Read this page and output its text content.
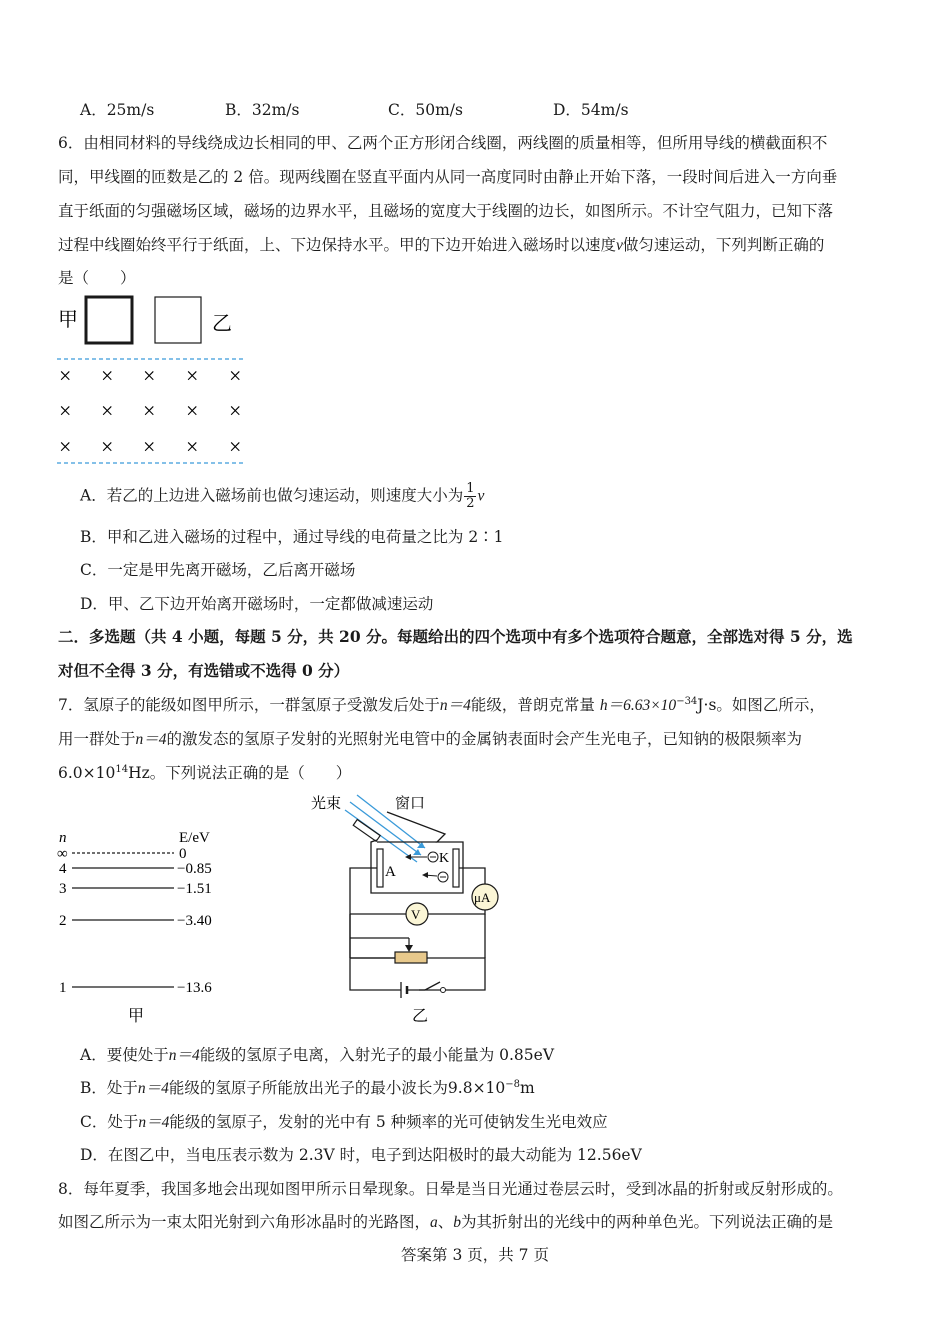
A．25m/s	B．32m/s	C．50m/s	D．54m/s
6．由相同材料的导线绕成边长相同的甲、乙两个正方形闭合线圈，两线圈的质量相等，但所用导线的横截面积不
同，甲线圈的匝数是乙的 2 倍。现两线圈在竖直平面内从同一高度同时由静止开始下落，一段时间后进入一方向垂
直于纸面的匀强磁场区域，磁场的边界水平，且磁场的宽度大于线圈的边长，如图所示。不计空气阻力，已知下落
过程中线圈始终平行于纸面，上、下边保持水平。甲的下边开始进入磁场时以速度v做匀速运动，下列判断正确的
是（　　）
甲	乙
× × × × ×
× × × × ×
× × × × ×
A．若乙的上边进入磁场前也做匀速运动，则速度大小为 $\frac{1}{2}$ v
B．甲和乙进入磁场的过程中，通过导线的电荷量之比为 2∶1
C．一定是甲先离开磁场，乙后离开磁场
D．甲、乙下边开始离开磁场时，一定都做减速运动
二．多选题（共 4 小题，每题 5 分，共 20 分。每题给出的四个选项中有多个选项符合题意，全部选对得 5 分，选
对但不全得 3 分，有选错或不选得 0 分）
7．氢原子的能级如图甲所示，一群氢原子受激发后处于n＝4能级，普朗克常量 $h=6.63\times 10^{-34}J\cdot s$。如图乙所示，
用一群处于n＝4的激发态的氢原子发射的光照射光电管中的金属钠表面时会产生光电子，已知钠的极限频率为
$6.0\times 10^{14}Hz$。下列说法正确的是（　　）
n	E/eV
∞	0
4	−0.85
3	−1.51
2	−3.40
1	−13.6
甲
光束	窗口
A
K
μA
V
乙
A．要使处于n＝4能级的氢原子电离，入射光子的最小能量为 0.85eV
B．处于n＝4能级的氢原子所能放出光子的最小波长为$9.8\times 10^{-8}m$
C．处于n＝4能级的氢原子，发射的光中有 5 种频率的光可使钠发生光电效应
D．在图乙中，当电压表示数为 2.3V 时，电子到达阳极时的最大动能为 12.56eV
8．每年夏季，我国多地会出现如图甲所示日晕现象。日晕是当日光通过卷层云时，受到冰晶的折射或反射形成的。
如图乙所示为一束太阳光射到六角形冰晶时的光路图，a、b为其折射出的光线中的两种单色光。下列说法正确的是
答案第 3 页，共 7 页
